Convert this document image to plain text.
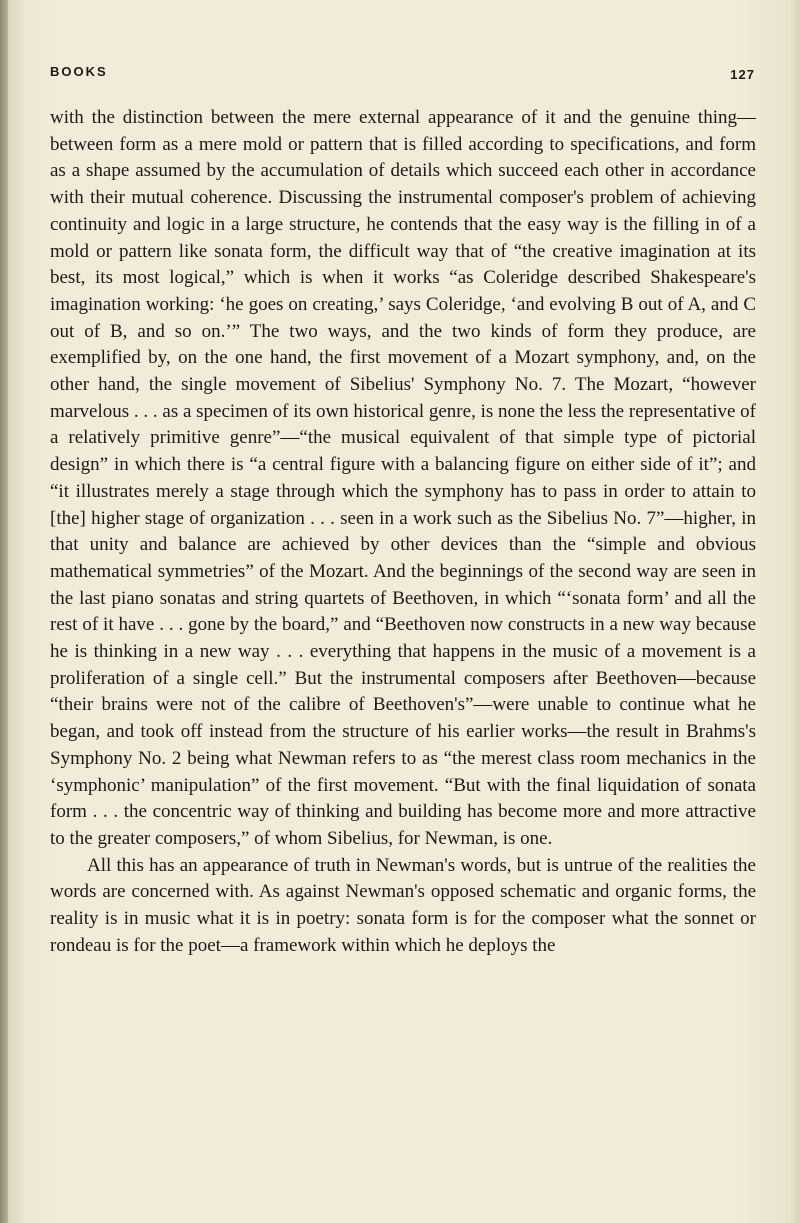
BOOKS	127

with the distinction between the mere external appearance of it and the genuine thing—between form as a mere mold or pattern that is filled according to specifications, and form as a shape assumed by the accumulation of details which succeed each other in accordance with their mutual coherence. Discussing the instrumental composer's problem of achieving continuity and logic in a large structure, he contends that the easy way is the filling in of a mold or pattern like sonata form, the difficult way that of “the creative imagination at its best, its most logical,” which is when it works “as Coleridge described Shakespeare's imagination working: ‘he goes on creating,’ says Coleridge, ‘and evolving B out of A, and C out of B, and so on.’” The two ways, and the two kinds of form they produce, are exemplified by, on the one hand, the first movement of a Mozart symphony, and, on the other hand, the single movement of Sibelius' Symphony No. 7. The Mozart, “however marvelous . . . as a specimen of its own historical genre, is none the less the representative of a relatively primitive genre”—“the musical equivalent of that simple type of pictorial design” in which there is “a central figure with a balancing figure on either side of it”; and “it illustrates merely a stage through which the symphony has to pass in order to attain to [the] higher stage of organization . . . seen in a work such as the Sibelius No. 7”—higher, in that unity and balance are achieved by other devices than the “simple and obvious mathematical symmetries” of the Mozart. And the beginnings of the second way are seen in the last piano sonatas and string quartets of Beethoven, in which “‘sonata form’ and all the rest of it have . . . gone by the board,” and “Beethoven now constructs in a new way because he is thinking in a new way . . . everything that happens in the music of a movement is a proliferation of a single cell.” But the instrumental composers after Beethoven—because “their brains were not of the calibre of Beethoven's”—were unable to continue what he began, and took off instead from the structure of his earlier works—the result in Brahms's Symphony No. 2 being what Newman refers to as “the merest class room mechanics in the ‘symphonic’ manipulation” of the first movement. “But with the final liquidation of sonata form . . . the concentric way of thinking and building has become more and more attractive to the greater composers,” of whom Sibelius, for Newman, is one.

All this has an appearance of truth in Newman's words, but is untrue of the realities the words are concerned with. As against Newman's opposed schematic and organic forms, the reality is in music what it is in poetry: sonata form is for the composer what the sonnet or rondeau is for the poet—a framework within which he deploys the
